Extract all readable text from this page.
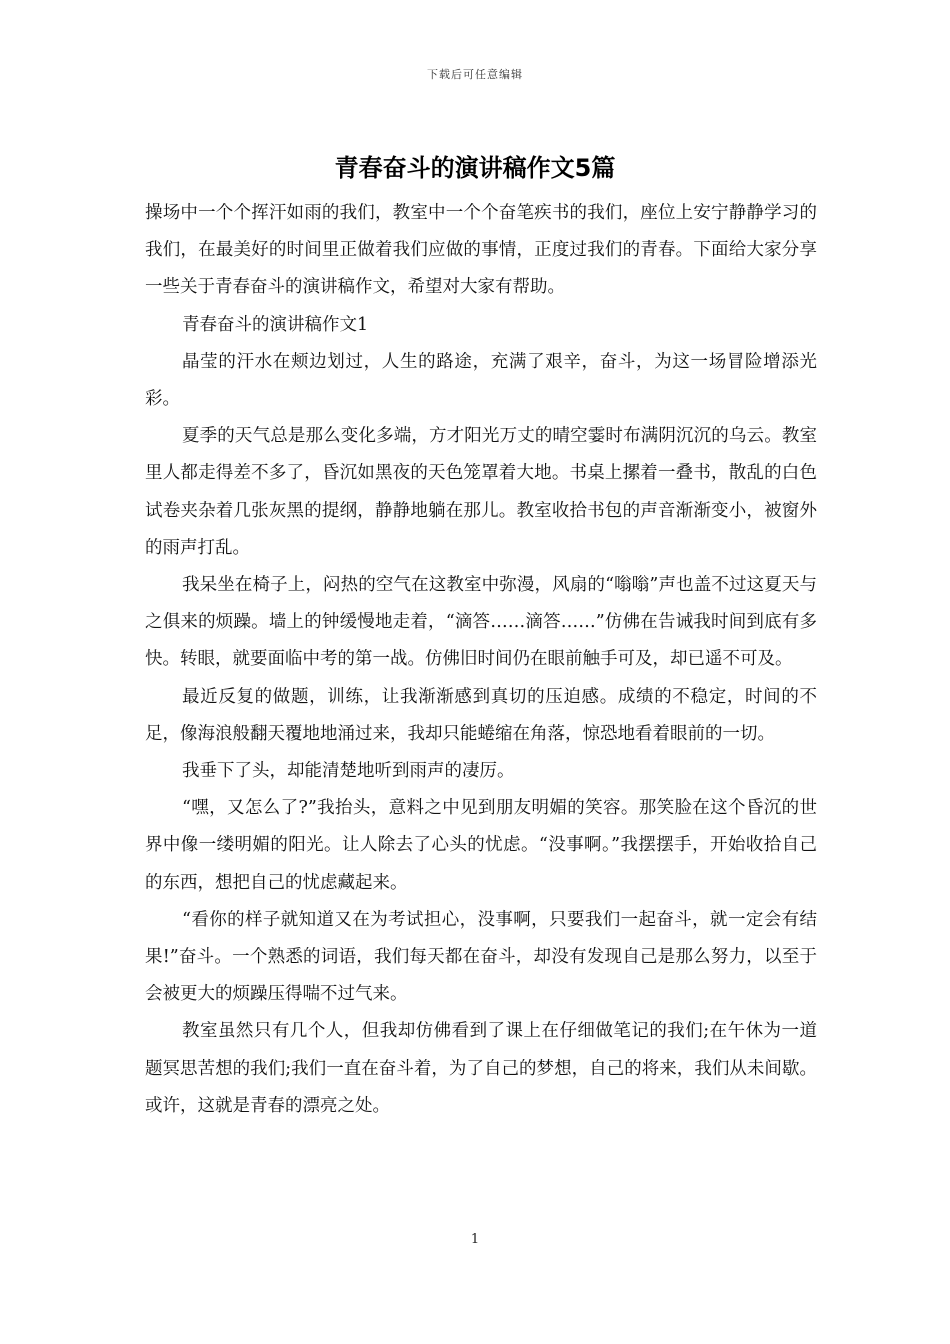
下载后可任意编辑
青春奋斗的演讲稿作文5篇

操场中一个个挥汗如雨的我们，教室中一个个奋笔疾书的我们，座位上安宁静静学习的我们，在最美好的时间里正做着我们应做的事情，正度过我们的青春。下面给大家分享一些关于青春奋斗的演讲稿作文，希望对大家有帮助。

青春奋斗的演讲稿作文1

晶莹的汗水在颊边划过，人生的路途，充满了艰辛，奋斗，为这一场冒险增添光彩。

夏季的天气总是那么变化多端，方才阳光万丈的晴空霎时布满阴沉沉的乌云。教室里人都走得差不多了，昏沉如黑夜的天色笼罩着大地。书桌上摞着一叠书，散乱的白色试卷夹杂着几张灰黑的提纲，静静地躺在那儿。教室收拾书包的声音渐渐变小，被窗外的雨声打乱。

我呆坐在椅子上，闷热的空气在这教室中弥漫，风扇的“嗡嗡”声也盖不过这夏天与之俱来的烦躁。墙上的钟缓慢地走着，“滴答……滴答……”仿佛在告诫我时间到底有多快。转眼，就要面临中考的第一战。仿佛旧时间仍在眼前触手可及，却已遥不可及。

最近反复的做题，训练，让我渐渐感到真切的压迫感。成绩的不稳定，时间的不足，像海浪般翻天覆地地涌过来，我却只能蜷缩在角落，惊恐地看着眼前的一切。

我垂下了头，却能清楚地听到雨声的凄厉。

“嘿，又怎么了?”我抬头，意料之中见到朋友明媚的笑容。那笑脸在这个昏沉的世界中像一缕明媚的阳光。让人除去了心头的忧虑。“没事啊。”我摆摆手，开始收拾自己的东西，想把自己的忧虑藏起来。

“看你的样子就知道又在为考试担心，没事啊，只要我们一起奋斗，就一定会有结果!”奋斗。一个熟悉的词语，我们每天都在奋斗，却没有发现自己是那么努力，以至于会被更大的烦躁压得喘不过气来。

教室虽然只有几个人，但我却仿佛看到了课上在仔细做笔记的我们;在午休为一道题冥思苦想的我们;我们一直在奋斗着，为了自己的梦想，自己的将来，我们从未间歇。或许，这就是青春的漂亮之处。

1
